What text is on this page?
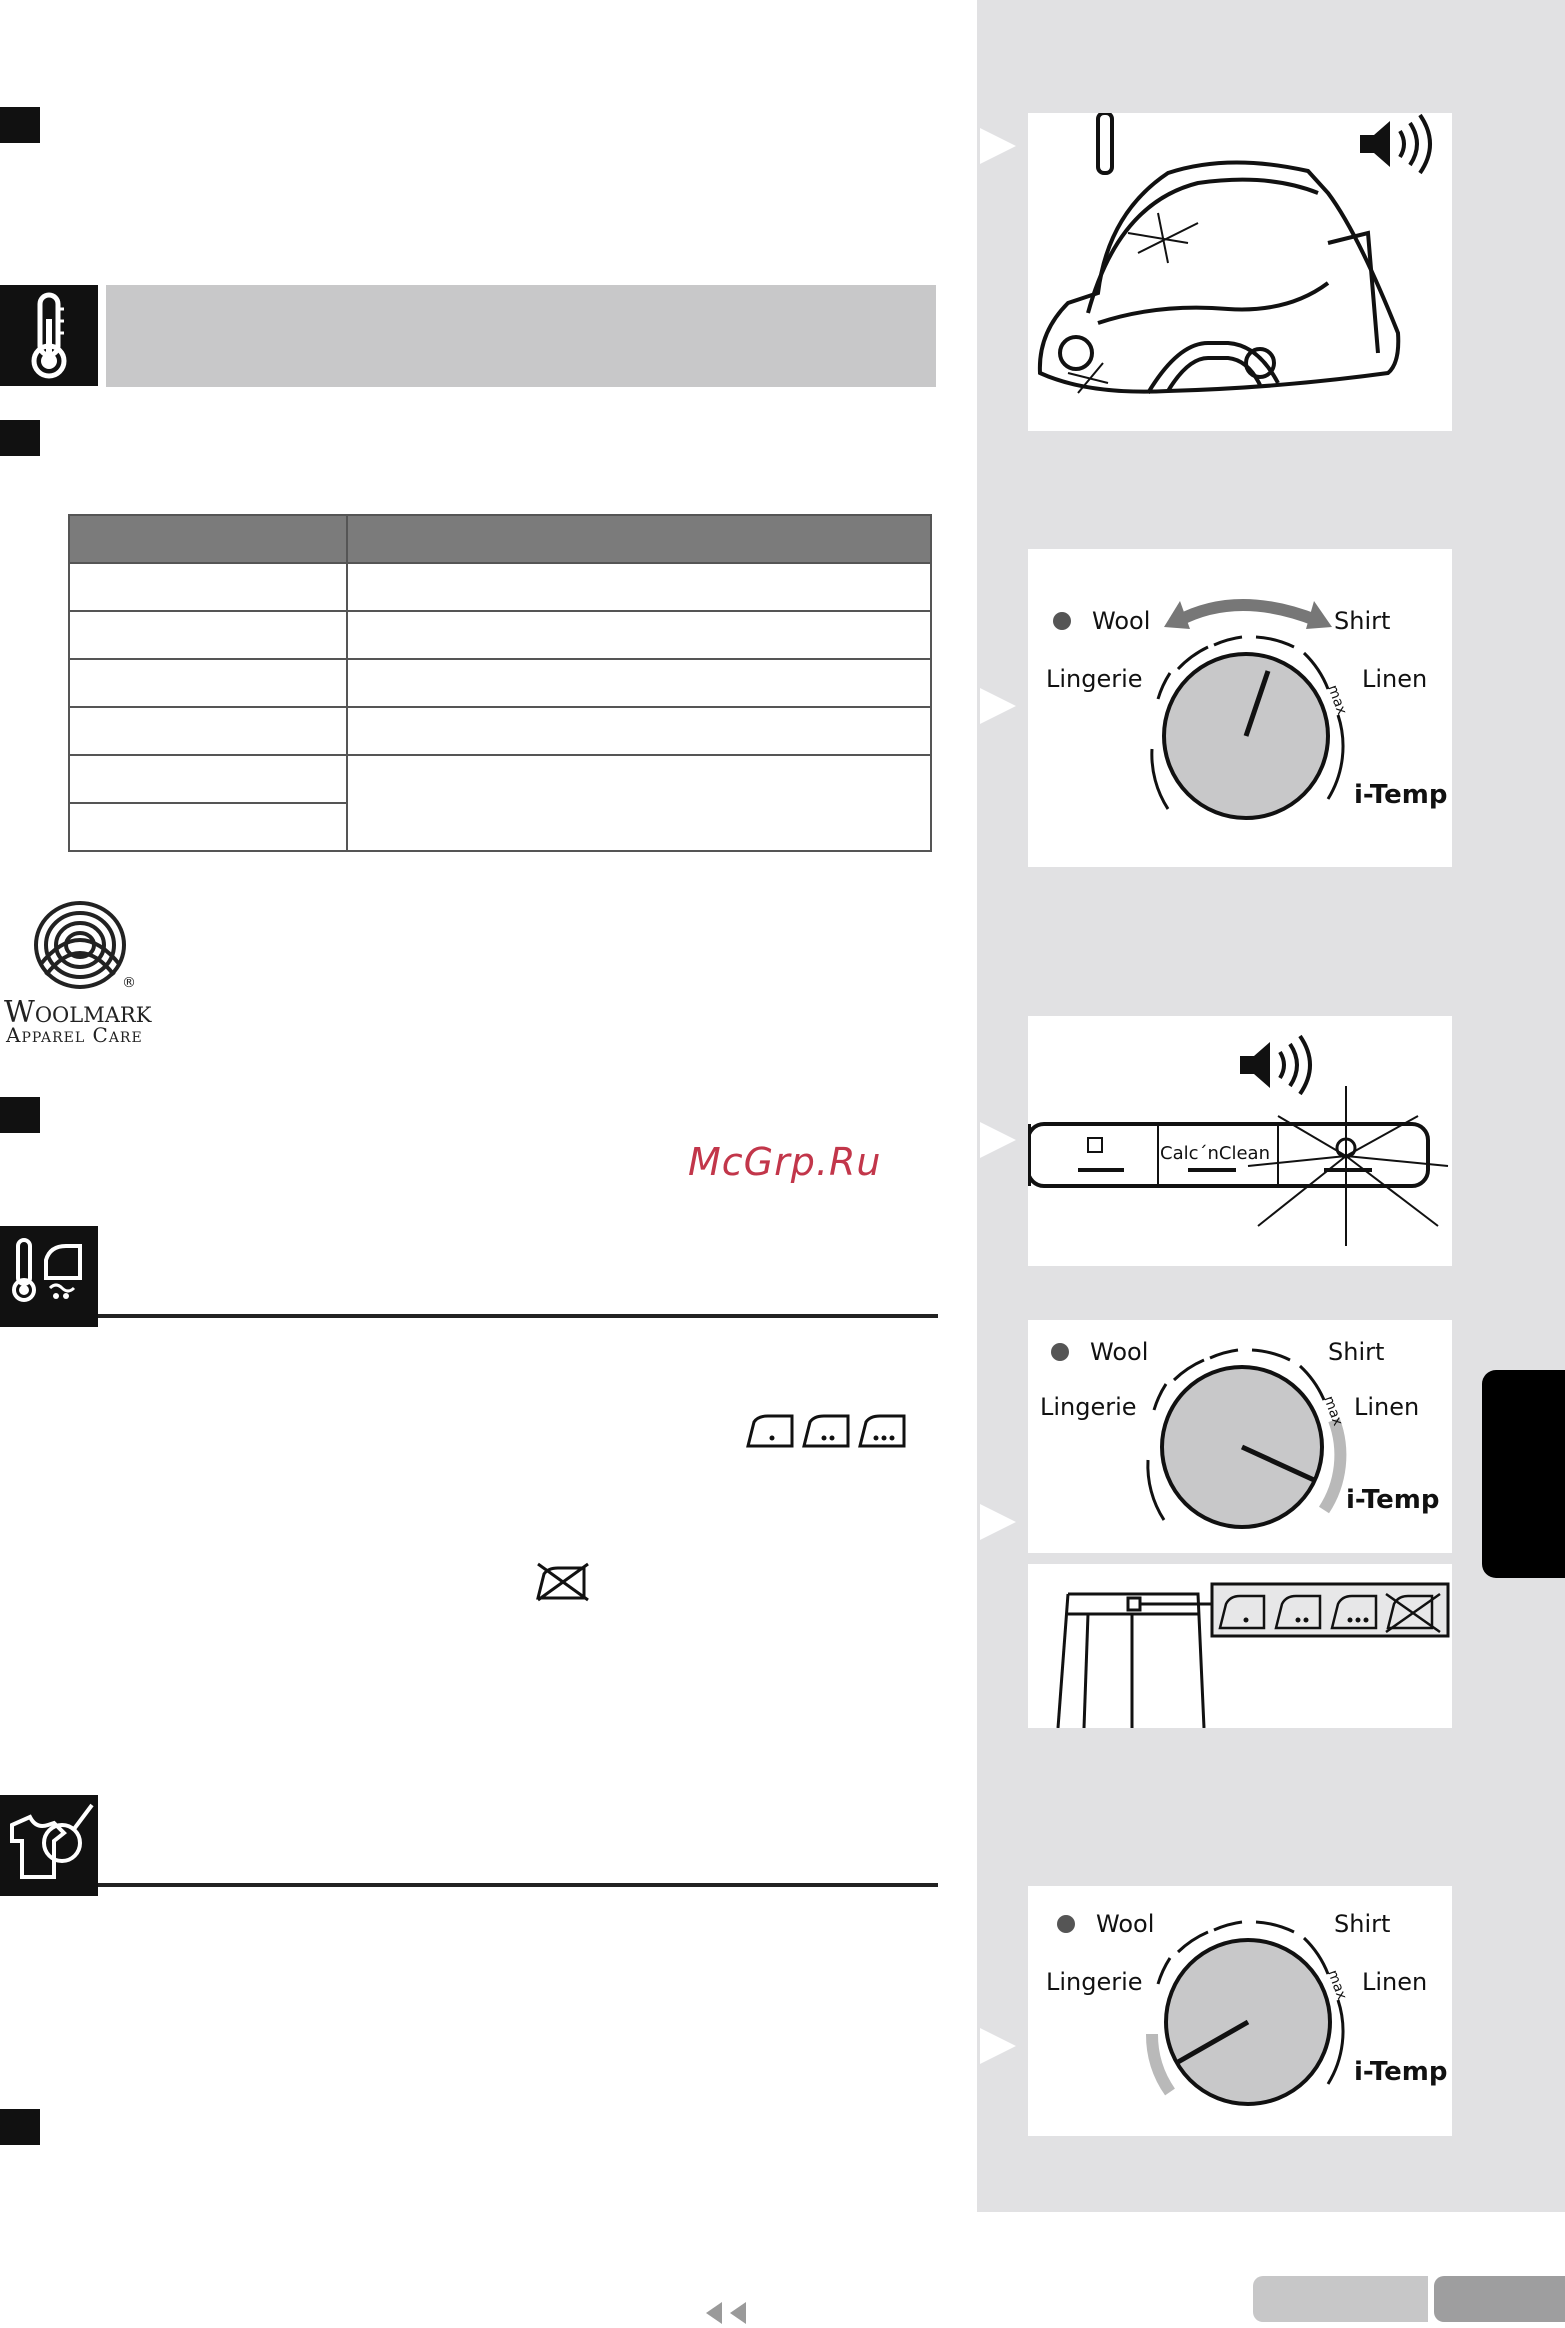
®
Woolmark
Apparel Care
McGrp.Ru
Wool
Lingerie
Shirt
Linen
i-Temp
max
Calc´nClean
Wool
Lingerie
Shirt
Linen
i-Temp
max
Wool
Lingerie
Shirt
Linen
i-Temp
max
